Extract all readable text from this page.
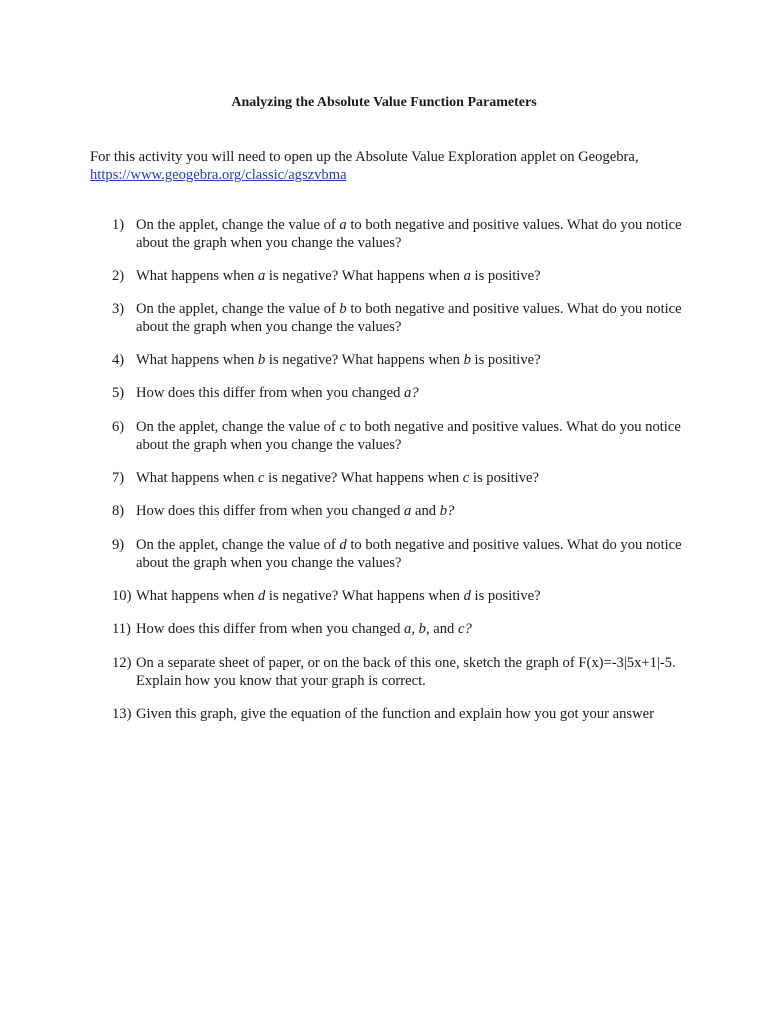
Analyzing the Absolute Value Function Parameters
For this activity you will need to open up the Absolute Value Exploration applet on Geogebra,
https://www.geogebra.org/classic/agszvbma
1) On the applet, change the value of a to both negative and positive values. What do you notice about the graph when you change the values?
2) What happens when a is negative? What happens when a is positive?
3) On the applet, change the value of b to both negative and positive values. What do you notice about the graph when you change the values?
4) What happens when b is negative? What happens when b is positive?
5) How does this differ from when you changed a?
6) On the applet, change the value of c to both negative and positive values. What do you notice about the graph when you change the values?
7) What happens when c is negative? What happens when c is positive?
8) How does this differ from when you changed a and b?
9) On the applet, change the value of d to both negative and positive values. What do you notice about the graph when you change the values?
10) What happens when d is negative? What happens when d is positive?
11) How does this differ from when you changed a, b, and c?
12) On a separate sheet of paper, or on the back of this one, sketch the graph of F(x)=-3|5x+1|-5. Explain how you know that your graph is correct.
13) Given this graph, give the equation of the function and explain how you got your answer
